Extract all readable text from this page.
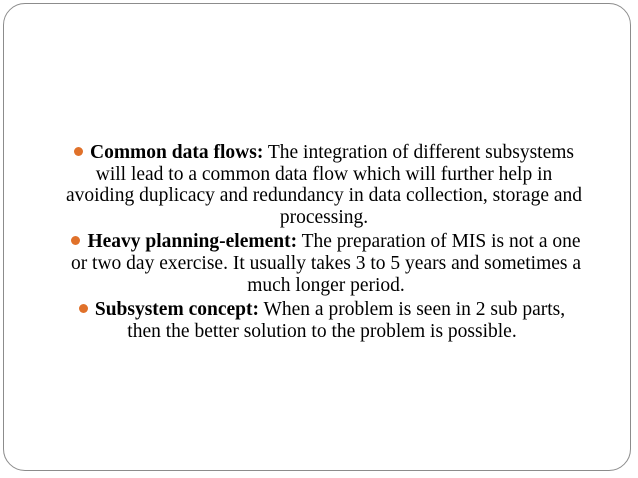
Common data flows: The integration of different subsystems will lead to a common data flow which will further help in avoiding duplicacy and redundancy in data collection, storage and processing.

Heavy planning-element: The preparation of MIS is not a one or two day exercise. It usually takes 3 to 5 years and sometimes a much longer period.

Subsystem concept: When a problem is seen in 2 sub parts, then the better solution to the problem is possible.
